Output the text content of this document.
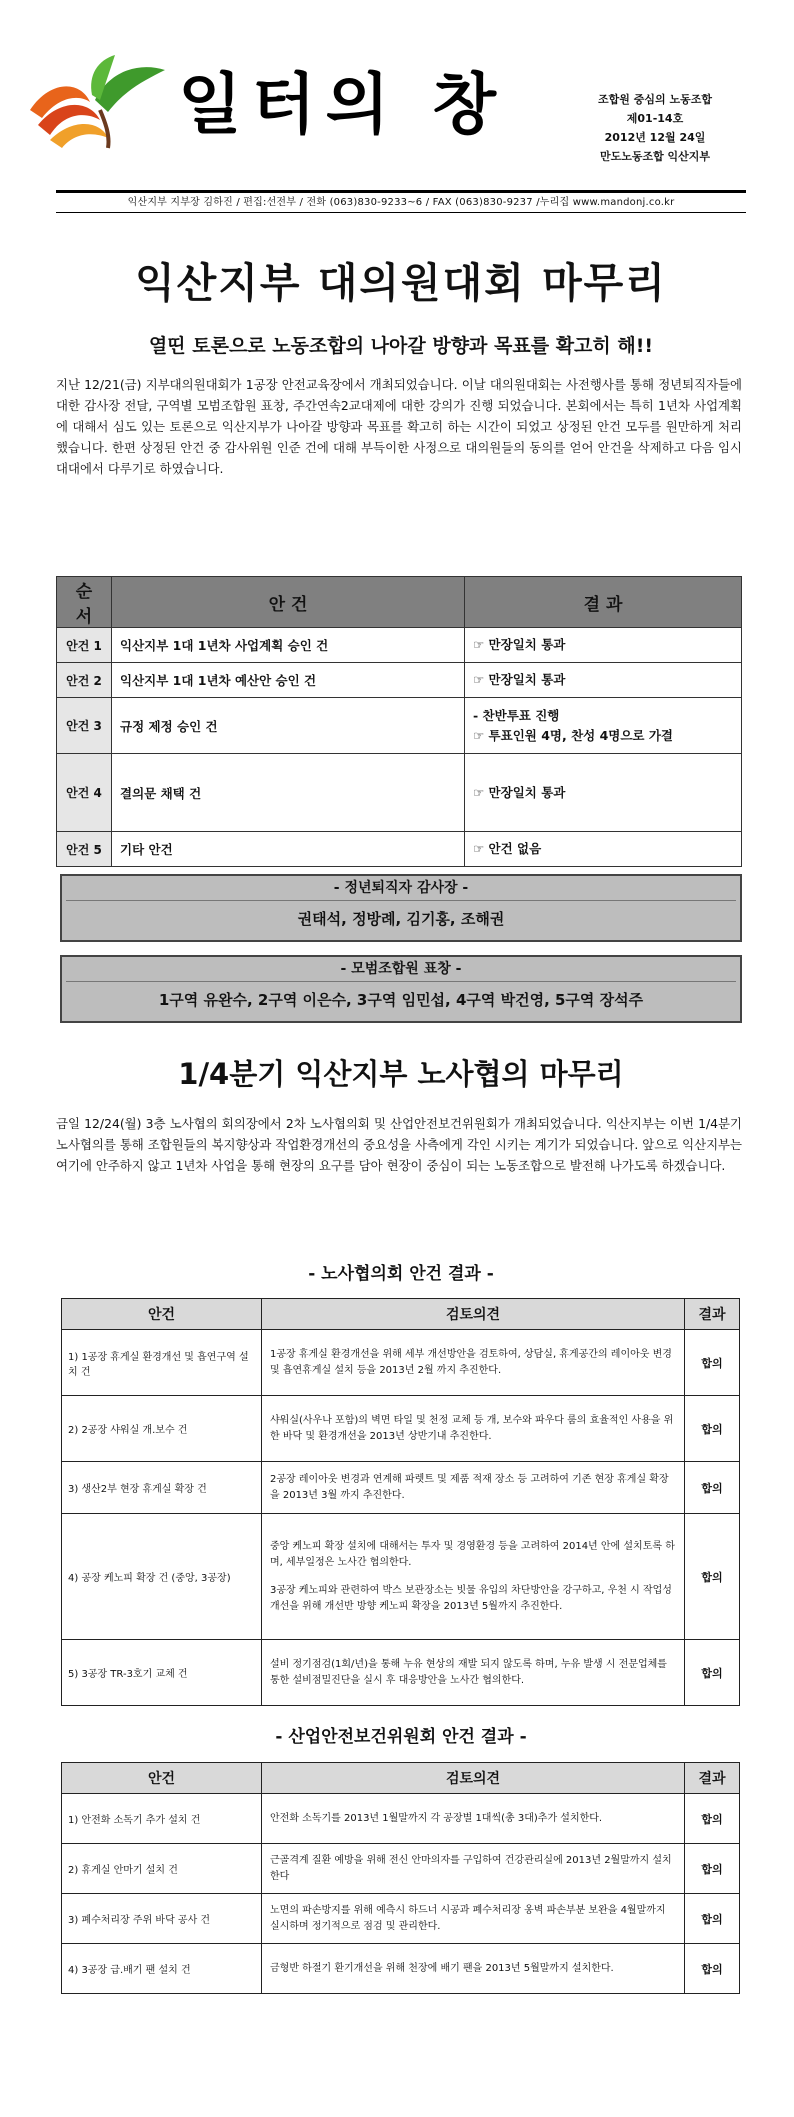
일터의 창	조합원 중심의 노동조합
제01-14호
2012년 12월 24일
만도노동조합 익산지부
익산지부 지부장 김하진 / 편집:선전부 / 전화 (063)830-9233~6 / FAX (063)830-9237 /누리집 www.mandonj.co.kr
익산지부 대의원대회 마무리
열띤 토론으로 노동조합의 나아갈 방향과 목표를 확고히 해!!
지난 12/21(금) 지부대의원대회가 1공장 안전교육장에서 개최되었습니다. 이날 대의원대회는 사전행사를 통해 정년퇴직자들에 대한 감사장 전달, 구역별 모범조합원 표창, 주간연속2교대제에 대한 강의가 진행 되었습니다. 본회에서는 특히 1년차 사업계획에 대해서 심도 있는 토론으로 익산지부가 나아갈 방향과 목표를 확고히 하는 시간이 되었고 상정된 안건 모두를 원만하게 처리 했습니다. 한편 상정된 안건 중 감사위원 인준 건에 대해 부득이한 사정으로 대의원들의 동의를 얻어 안건을 삭제하고 다음 임시대대에서 다루기로 하였습니다.
순 서	안 건	결 과
안건 1	익산지부 1대 1년차 사업계획 승인 건	☞ 만장일치 통과

안건 2	익산지부 1대 1년차 예산안 승인 건	☞ 만장일치 통과

안건 3	규정 제정 승인 건	- 찬반투표 진행
☞ 투표인원 4명, 찬성 4명으로 가결

안건 4	결의문 채택 건	☞ 만장일치 통과

안건 5	기타 안건	☞ 안건 없음
- 정년퇴직자 감사장 -
권태석, 정방례, 김기홍, 조해권
- 모범조합원 표창 -
1구역 유완수, 2구역 이은수, 3구역 임민섭, 4구역 박건영, 5구역 장석주
1/4분기 익산지부 노사협의 마무리
금일 12/24(월) 3층 노사협의 회의장에서 2차 노사협의회 및 산업안전보건위원회가 개최되었습니다. 익산지부는 이번 1/4분기 노사협의를 통해 조합원들의 복지향상과 작업환경개선의 중요성을 사측에게 각인 시키는 계기가 되었습니다. 앞으로 익산지부는 여기에 안주하지 않고 1년차 사업을 통해 현장의 요구를 담아 현장이 중심이 되는 노동조합으로 발전해 나가도록 하겠습니다.
- 노사협의회 안건 결과 -
안건	검토의견	결과
1) 1공장 휴게실 환경개선 및 흡연구역 설치 건	1공장 휴게실 환경개선을 위해 세부 개선방안을 검토하여, 상담실, 휴게공간의 레이아웃 변경 및 흡연휴게실 설치 등을 2013년 2월 까지 추진한다.	합의
2) 2공장 샤워실 개.보수 건	샤워실(사우나 포함)의 벽면 타일 및 천정 교체 등 개, 보수와 파우다 룸의 효율적인 사용을 위한 바닥 및 환경개선을 2013년 상반기내 추진한다.	합의
3) 생산2부 현장 휴게실 확장 건	2공장 레이아웃 변경과 연계해 파렛트 및 제품 적재 장소 등 고려하여 기존 현장 휴게실 확장을 2013년 3월 까지 추진한다.	합의
4) 공장 케노피 확장 건 (중앙, 3공장)	중앙 케노피 확장 설치에 대해서는 투자 및 경영환경 등을 고려하여 2014년 안에 설치토록 하며, 세부일정은 노사간 협의한다.
3공장 케노피와 관련하여 박스 보관장소는 빗물 유입의 차단방안을 강구하고, 우천 시 작업성 개선을 위해 개선반 방향 케노피 확장을 2013년 5월까지 추진한다.	합의
5) 3공장 TR-3호기 교체 건	설비 정기점검(1회/년)을 통해 누유 현상의 재발 되지 않도록 하며, 누유 발생 시 전문업체를 통한 설비점밀진단을 실시 후 대응방안을 노사간 협의한다.	합의
- 산업안전보건위원회 안건 결과 -
안건	검토의견	결과
1) 안전화 소독기 추가 설치 건	안전화 소독기를 2013년 1월말까지 각 공장별 1대씩(총 3대)추가 설치한다.	합의
2) 휴게실 안마기 설치 건	근골격계 질환 예방을 위해 전신 안마의자를 구입하여 건강관리실에 2013년 2월말까지 설치한다	합의
3) 폐수처리장 주위 바닥 공사 건	노면의 파손방지를 위해 예측시 하드너 시공과 폐수처리장 옹벽 파손부분 보완을 4월말까지 실시하며 정기적으로 점검 및 관리한다.	합의
4) 3공장 급.배기 팬 설치 건	금형반 하절기 환기개선을 위해 천장에 배기 팬을 2013년 5월말까지 설치한다.	합의
